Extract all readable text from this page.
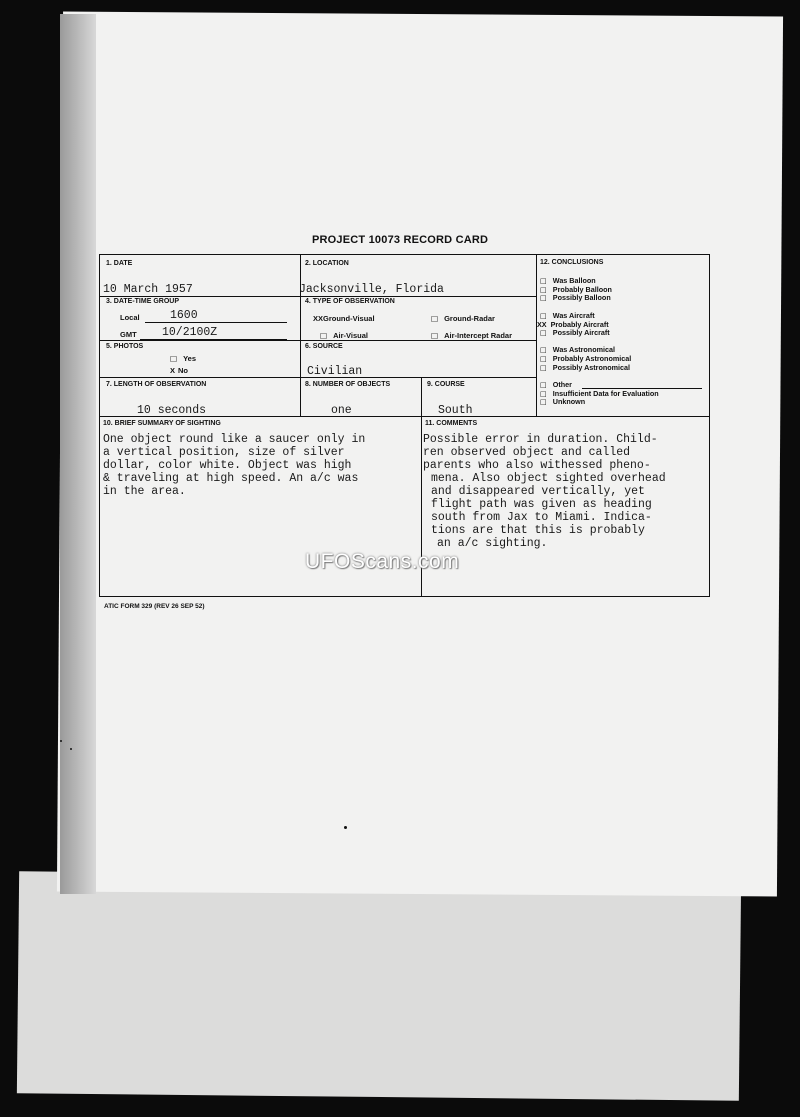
PROJECT 10073 RECORD CARD
1. DATE
10 March 1957
2. LOCATION
Jacksonville, Florida
3. DATE-TIME GROUP
Local	1600
GMT 10/2100Z
4. TYPE OF OBSERVATION
XXGround-Visual	□ Ground-Radar
□ Air-Visual	□ Air-Intercept Radar
5. PHOTOS
□ Yes
X No
6. SOURCE
Civilian
7. LENGTH OF OBSERVATION
10 seconds
8. NUMBER OF OBJECTS
one
9. COURSE
South
10. BRIEF SUMMARY OF SIGHTING
One object round like a saucer only in
a vertical position, size of silver
dollar, color white. Object was high
& traveling at high speed. An a/c was
in the area.
11. COMMENTS
Possible error in duration. Child-
ren observed object and called
parents who also withessed pheno-
mena. Also object sighted overhead
and disappeared vertically, yet
flight path was given as heading
south from Jax to Miami. Indica-
tions are that this is probably
an a/c sighting.
12. CONCLUSIONS
□ Was Balloon
□ Probably Balloon
□ Possibly Balloon
□ Was Aircraft
XX Probably Aircraft
□ Possibly Aircraft
□ Was Astronomical
□ Probably Astronomical
□ Possibly Astronomical
□ Other
□ Insufficient Data for Evaluation
□ Unknown
ATIC FORM 329 (REV 26 SEP 52)
UFOScans.com
